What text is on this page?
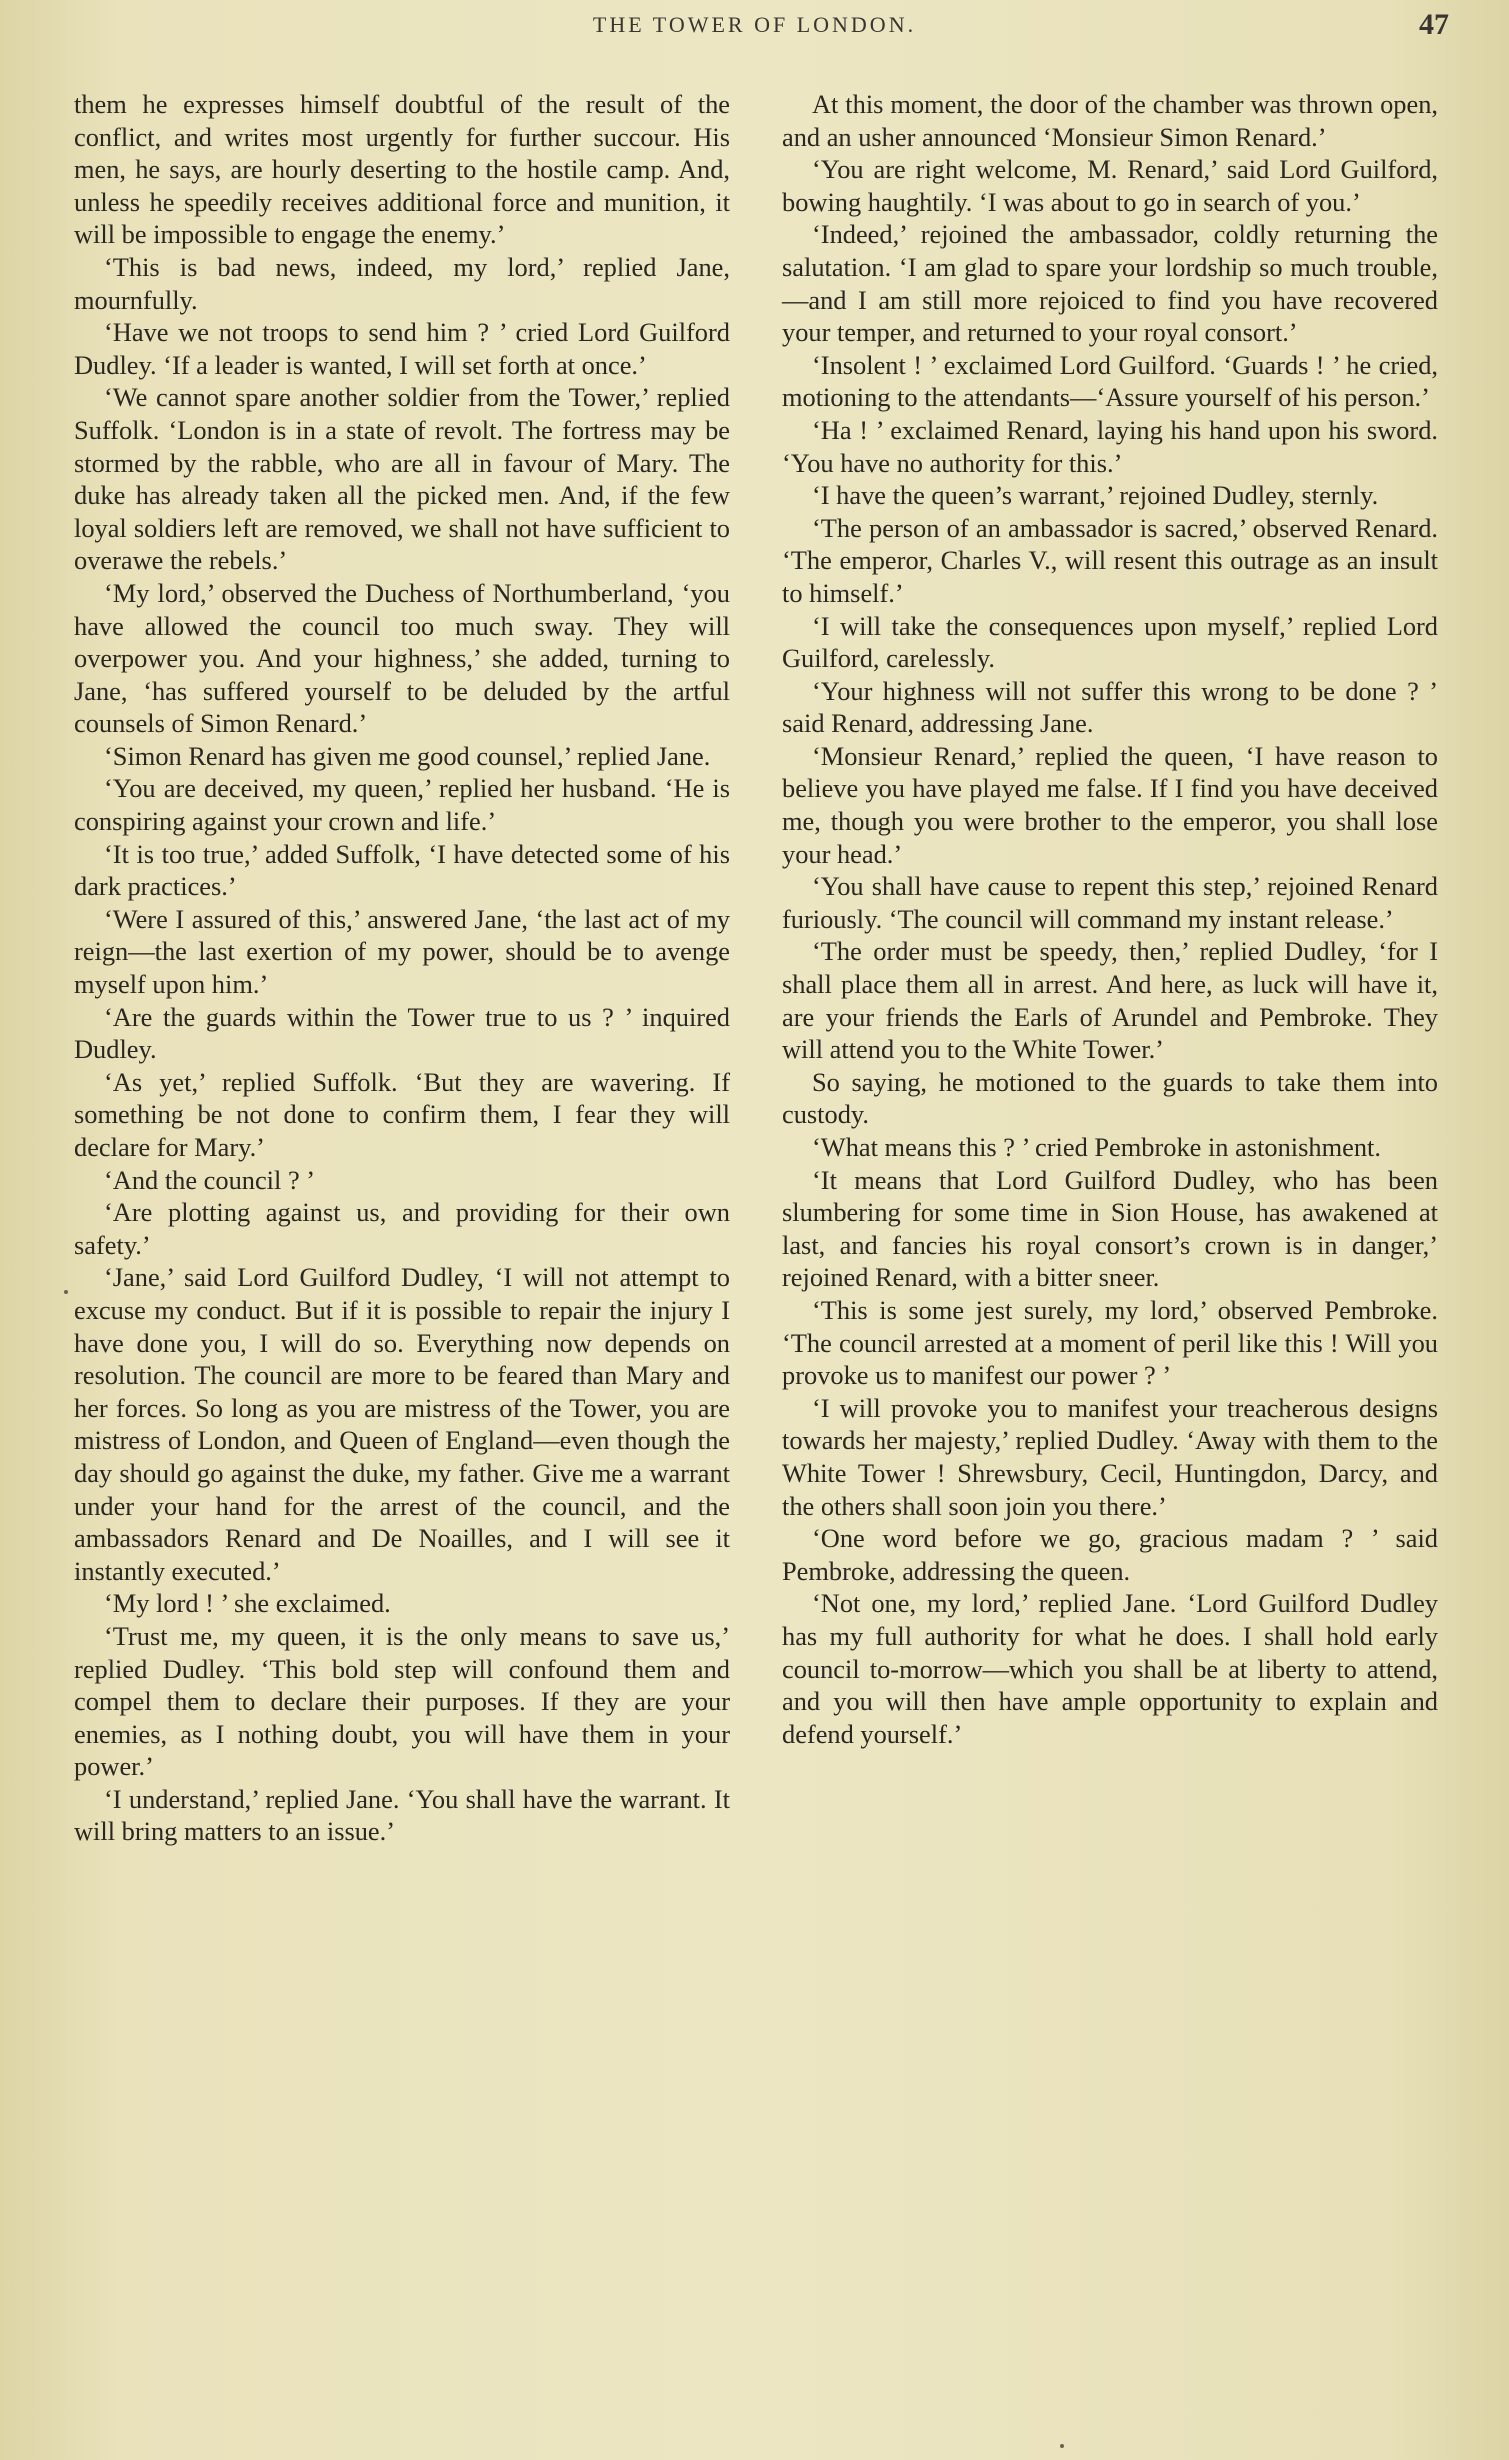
THE TOWER OF LONDON.	47

them he expresses himself doubtful of the result of the conflict, and writes most urgently for further succour. His men, he says, are hourly deserting to the hostile camp. And, unless he speedily receives additional force and munition, it will be impossible to engage the enemy.’

‘This is bad news, indeed, my lord,’ replied Jane, mournfully.

‘Have we not troops to send him ? ’ cried Lord Guilford Dudley. ‘If a leader is wanted, I will set forth at once.’

‘We cannot spare another soldier from the Tower,’ replied Suffolk. ‘London is in a state of revolt. The fortress may be stormed by the rabble, who are all in favour of Mary. The duke has already taken all the picked men. And, if the few loyal soldiers left are removed, we shall not have sufficient to overawe the rebels.’

‘My lord,’ observed the Duchess of Northumberland, ‘you have allowed the council too much sway. They will overpower you. And your highness,’ she added, turning to Jane, ‘has suffered yourself to be deluded by the artful counsels of Simon Renard.’

‘Simon Renard has given me good counsel,’ replied Jane.

‘You are deceived, my queen,’ replied her husband. ‘He is conspiring against your crown and life.’

‘It is too true,’ added Suffolk, ‘I have detected some of his dark practices.’

‘Were I assured of this,’ answered Jane, ‘the last act of my reign—the last exertion of my power, should be to avenge myself upon him.’

‘Are the guards within the Tower true to us ? ’ inquired Dudley.

‘As yet,’ replied Suffolk. ‘But they are wavering. If something be not done to confirm them, I fear they will declare for Mary.’

‘And the council ? ’

‘Are plotting against us, and providing for their own safety.’

‘Jane,’ said Lord Guilford Dudley, ‘I will not attempt to excuse my conduct. But if it is possible to repair the injury I have done you, I will do so. Everything now depends on resolution. The council are more to be feared than Mary and her forces. So long as you are mistress of the Tower, you are mistress of London, and Queen of England—even though the day should go against the duke, my father. Give me a warrant under your hand for the arrest of the council, and the ambassadors Renard and De Noailles, and I will see it instantly executed.’

‘My lord ! ’ she exclaimed.

‘Trust me, my queen, it is the only means to save us,’ replied Dudley. ‘This bold step will confound them and compel them to declare their purposes. If they are your enemies, as I nothing doubt, you will have them in your power.’

‘I understand,’ replied Jane. ‘You shall have the warrant. It will bring matters to an issue.’

At this moment, the door of the chamber was thrown open, and an usher announced ‘Monsieur Simon Renard.’

‘You are right welcome, M. Renard,’ said Lord Guilford, bowing haughtily. ‘I was about to go in search of you.’

‘Indeed,’ rejoined the ambassador, coldly returning the salutation. ‘I am glad to spare your lordship so much trouble,—and I am still more rejoiced to find you have recovered your temper, and returned to your royal consort.’

‘Insolent ! ’ exclaimed Lord Guilford. ‘Guards ! ’ he cried, motioning to the attendants—‘Assure yourself of his person.’

‘Ha ! ’ exclaimed Renard, laying his hand upon his sword. ‘You have no authority for this.’

‘I have the queen’s warrant,’ rejoined Dudley, sternly.

‘The person of an ambassador is sacred,’ observed Renard. ‘The emperor, Charles V., will resent this outrage as an insult to himself.’

‘I will take the consequences upon myself,’ replied Lord Guilford, carelessly.

‘Your highness will not suffer this wrong to be done ? ’ said Renard, addressing Jane.

‘Monsieur Renard,’ replied the queen, ‘I have reason to believe you have played me false. If I find you have deceived me, though you were brother to the emperor, you shall lose your head.’

‘You shall have cause to repent this step,’ rejoined Renard furiously. ‘The council will command my instant release.’

‘The order must be speedy, then,’ replied Dudley, ‘for I shall place them all in arrest. And here, as luck will have it, are your friends the Earls of Arundel and Pembroke. They will attend you to the White Tower.’

So saying, he motioned to the guards to take them into custody.

‘What means this ? ’ cried Pembroke in astonishment.

‘It means that Lord Guilford Dudley, who has been slumbering for some time in Sion House, has awakened at last, and fancies his royal consort’s crown is in danger,’ rejoined Renard, with a bitter sneer.

‘This is some jest surely, my lord,’ observed Pembroke. ‘The council arrested at a moment of peril like this ! Will you provoke us to manifest our power ? ’

‘I will provoke you to manifest your treacherous designs towards her majesty,’ replied Dudley. ‘Away with them to the White Tower ! Shrewsbury, Cecil, Huntingdon, Darcy, and the others shall soon join you there.’

‘One word before we go, gracious madam ? ’ said Pembroke, addressing the queen.

‘Not one, my lord,’ replied Jane. ‘Lord Guilford Dudley has my full authority for what he does. I shall hold early council to-morrow—which you shall be at liberty to attend, and you will then have ample opportunity to explain and defend yourself.’
